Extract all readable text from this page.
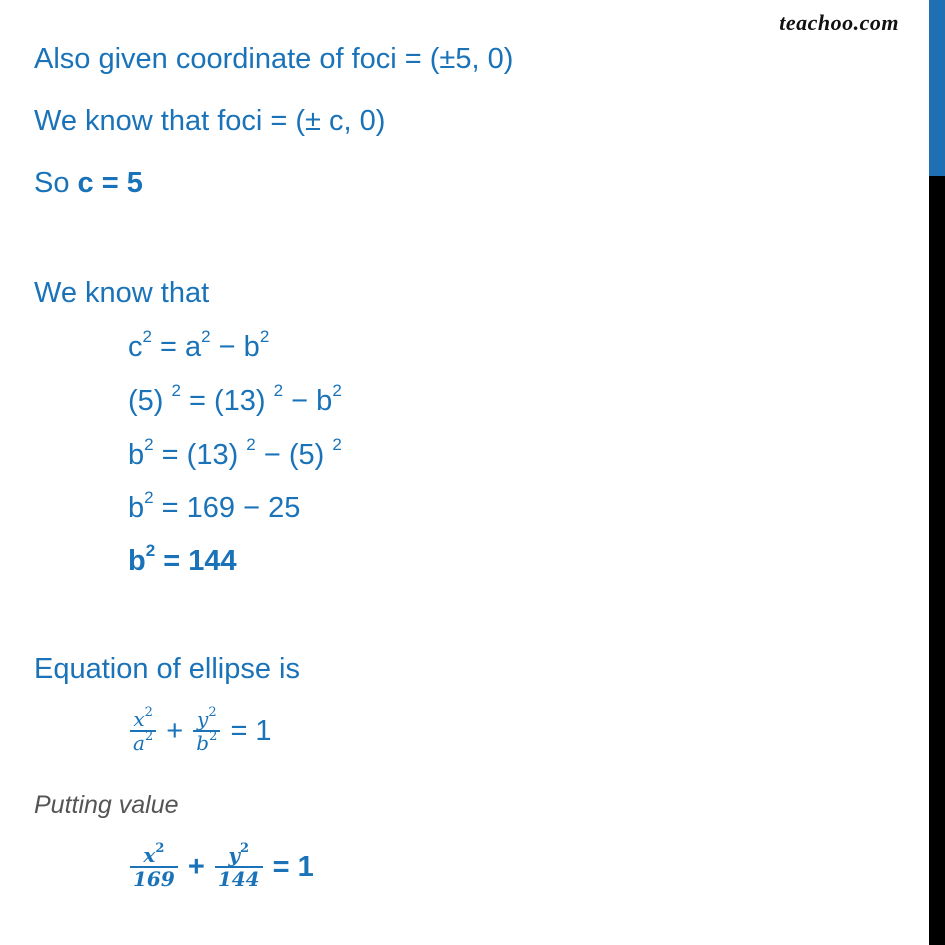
teachoo.com
Also given coordinate of foci = (±5, 0)
We know that foci = (± c, 0)
So c = 5
We know that
$c^2 = a^2 - b^2$
(5) $^2$ = (13) $^2 - b^2$
$b^2 = (13) ^2 - (5)$ $^2$
$b^2 = 169 - 25$
$b^2 = 144$
Equation of ellipse is
$\frac{x^2}{a^2} + \frac{y^2}{b^2} = 1$
Putting value
$\frac{x^2}{169} + \frac{y^2}{144} = 1$
